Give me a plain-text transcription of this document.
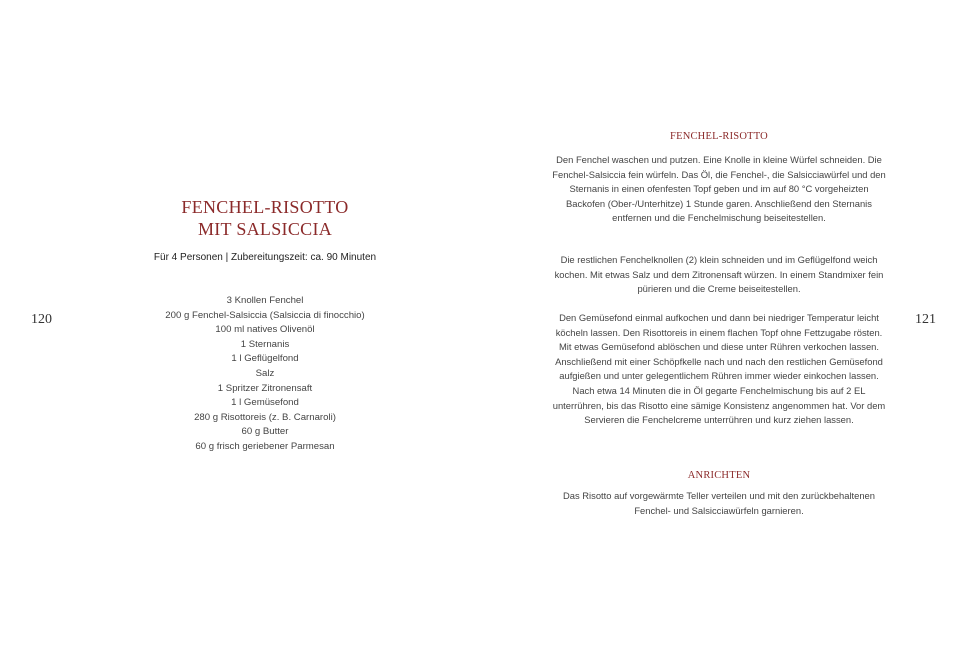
FENCHEL-RISOTTO
MIT SALSICCIA
Für 4 Personen | Zubereitungszeit: ca. 90 Minuten
3 Knollen Fenchel
200 g Fenchel-Salsiccia (Salsiccia di finocchio)
100 ml natives Olivenöl
1 Sternanis
1 l Geflügelfond
Salz
1 Spritzer Zitronensaft
1 l Gemüsefond
280 g Risottoreis (z. B. Carnaroli)
60 g Butter
60 g frisch geriebener Parmesan
120
FENCHEL-RISOTTO

Den Fenchel waschen und putzen. Eine Knolle in kleine Würfel schneiden. Die Fenchel-Salsiccia fein würfeln. Das Öl, die Fenchel-, die Salsicciawürfel und den Sternanis in einen ofenfesten Topf geben und im auf 80 °C vorgeheizten Backofen (Ober-/Unterhitze) 1 Stunde garen. Anschließend den Sternanis entfernen und die Fenchelmischung beiseitestellen.

Die restlichen Fenchelknollen (2) klein schneiden und im Geflügelfond weich kochen. Mit etwas Salz und dem Zitronensaft würzen. In einem Standmixer fein pürieren und die Creme beiseitestellen.

Den Gemüsefond einmal aufkochen und dann bei niedriger Temperatur leicht köcheln lassen. Den Risottoreis in einem flachen Topf ohne Fettzugabe rösten. Mit etwas Gemüsefond ablöschen und diese unter Rühren verkochen lassen. Anschließend mit einer Schöpfkelle nach und nach den restlichen Gemüsefond aufgießen und unter gelegentlichem Rühren immer wieder einkochen lassen. Nach etwa 14 Minuten die in Öl gegarte Fenchelmischung bis auf 2 EL unterrühren, bis das Risotto eine sämige Konsistenz angenommen hat. Vor dem Servieren die Fenchelcreme unterrühren und kurz ziehen lassen.

ANRICHTEN

Das Risotto auf vorgewärmte Teller verteilen und mit den zurückbehaltenen Fenchel- und Salsicciawürfeln garnieren.

121
